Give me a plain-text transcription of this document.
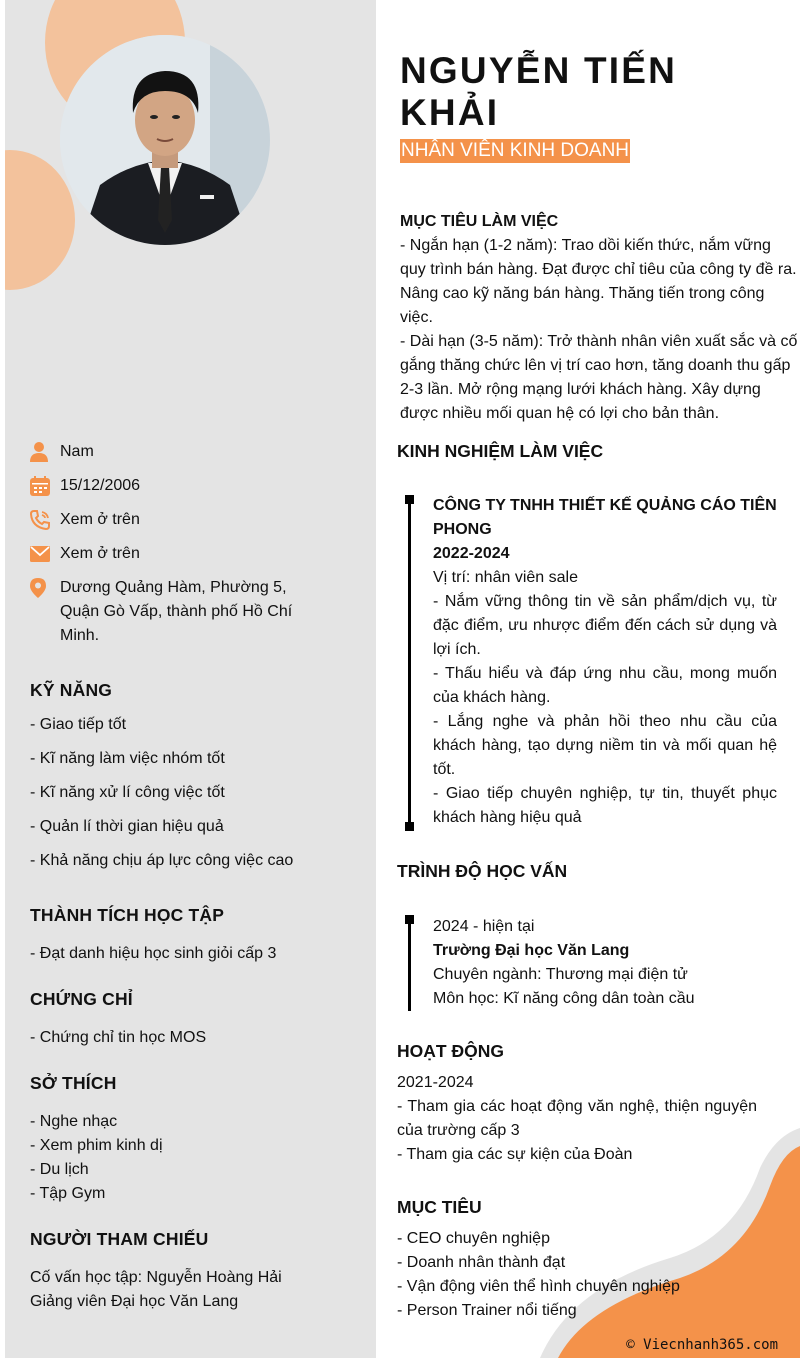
Nam
15/12/2006
Xem ở trên
Xem ở trên
Dương Quảng Hàm, Phường 5, Quận Gò Vấp, thành phố Hồ Chí Minh.
KỸ NĂNG
- Giao tiếp tốt
- Kĩ năng làm việc nhóm tốt
- Kĩ năng xử lí công việc tốt
- Quản lí thời gian hiệu quả
- Khả năng chịu áp lực công việc cao
THÀNH TÍCH HỌC TẬP
- Đạt danh hiệu học sinh giỏi cấp 3
CHỨNG CHỈ
- Chứng chỉ tin học MOS
SỞ THÍCH
- Nghe nhạc
- Xem phim kinh dị
- Du lịch
- Tập Gym
NGƯỜI THAM CHIẾU
Cố vấn học tập: Nguyễn Hoàng Hải
Giảng viên Đại học Văn Lang
NGUYỄN TIẾN KHẢI
NHÂN VIÊN KINH DOANH
MỤC TIÊU LÀM VIỆC
- Ngắn hạn (1-2 năm): Trao dồi kiến thức, nắm vững quy trình bán hàng. Đạt được chỉ tiêu của công ty đề ra. Nâng cao kỹ năng bán hàng. Thăng tiến trong công việc.
- Dài hạn (3-5 năm): Trở thành nhân viên xuất sắc và cố gắng thăng chức lên vị trí cao hơn, tăng doanh thu gấp 2-3 lần. Mở rộng mạng lưới khách hàng. Xây dựng được nhiều mối quan hệ có lợi cho bản thân.
KINH NGHIỆM LÀM VIỆC
CÔNG TY TNHH THIẾT KẾ QUẢNG CÁO TIÊN PHONG
2022-2024
Vị trí: nhân viên sale
- Nắm vững thông tin về sản phẩm/dịch vụ, từ đặc điểm, ưu nhược điểm đến cách sử dụng và lợi ích.
- Thấu hiểu và đáp ứng nhu cầu, mong muốn của khách hàng.
- Lắng nghe và phản hồi theo nhu cầu của khách hàng, tạo dựng niềm tin và mối quan hệ tốt.
- Giao tiếp chuyên nghiệp, tự tin, thuyết phục khách hàng hiệu quả
TRÌNH ĐỘ HỌC VẤN
2024 - hiện tại
Trường Đại học Văn Lang
Chuyên ngành: Thương mại điện tử
Môn học: Kĩ năng công dân toàn cầu
HOẠT ĐỘNG
2021-2024
- Tham gia các hoạt động văn nghệ, thiện nguyện của trường cấp 3
- Tham gia các sự kiện của Đoàn
MỤC TIÊU
- CEO chuyên nghiệp
- Doanh nhân thành đạt
- Vận động viên thể hình chuyên nghiệp
- Person Trainer nổi tiếng
© Viecnhanh365.com
